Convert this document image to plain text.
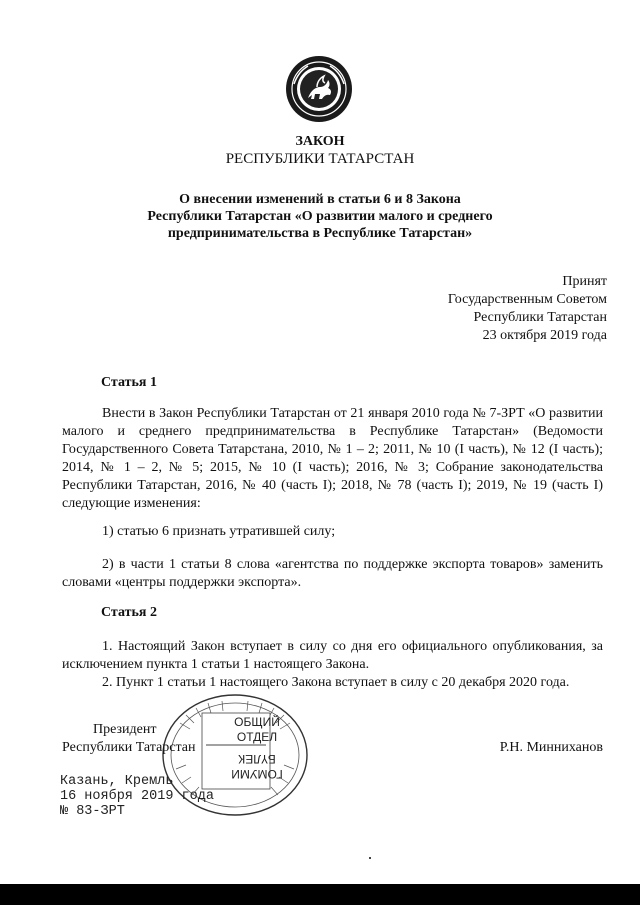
ЗАКОН
РЕСПУБЛИКИ ТАТАРСТАН
О внесении изменений в статьи 6 и 8 Закона
Республики Татарстан «О развитии малого и среднего
предпринимательства в Республике Татарстан»
Принят
Государственным Советом
Республики Татарстан
23 октября 2019 года
Статья 1

Внести в Закон Республики Татарстан от 21 января 2010 года № 7-ЗРТ «О развитии малого и среднего предпринимательства в Республике Татарстан» (Ведомости Государственного Совета Татарстана, 2010, № 1 – 2; 2011, № 10 (I часть), № 12 (I часть); 2014, № 1 – 2, № 5; 2015, № 10 (I часть); 2016, № 3; Собрание законодательства Республики Татарстан, 2016, № 40 (часть I); 2018, № 78 (часть I); 2019, № 19 (часть I) следующие изменения:

1) статью 6 признать утратившей силу;

2) в части 1 статьи 8 слова «агентства по поддержке экспорта товаров» заменить словами «центры поддержки экспорта».

Статья 2

1. Настоящий Закон вступает в силу со дня его официального опубликования, за исключением пункта 1 статьи 1 настоящего Закона.

2. Пункт 1 статьи 1 настоящего Закона вступает в силу с 20 декабря 2020 года.

ОБЩИЙ
ОТДЕЛ
БҮЛЕК
ГОМУМИ
Президент
Республики Татарстан	Р.Н. Минниханов
Казань, Кремль
16 ноября 2019 года
№ 83-ЗРТ
